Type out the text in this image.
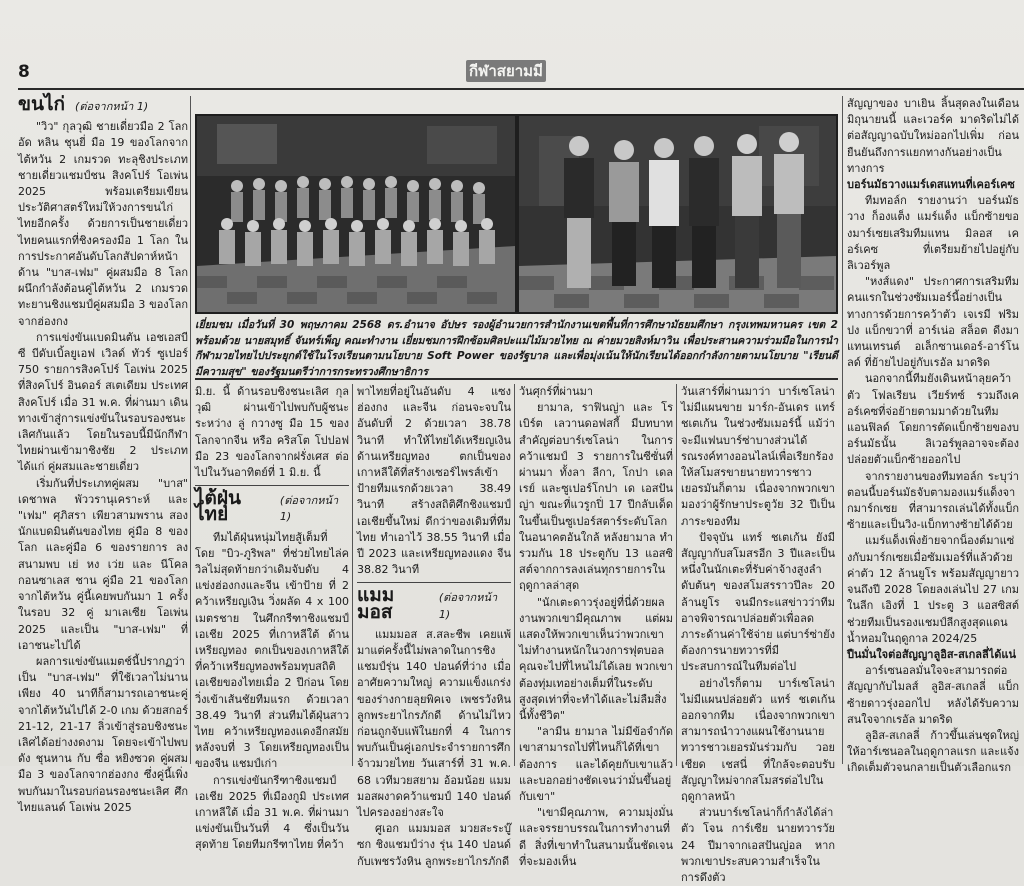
8	กีฬาสยามมี
ขนไก่ (ต่อจากหน้า 1)

"วิว" กุลวุฒิ ชายเดี่ยวมือ 2 โลก อัด หลิน ชุนยี่ มือ 19 ของโลกจากไต้หวัน 2 เกมรวด ทะลุชิงประเภทชายเดี่ยวแชมป์ชน สิงคโปร์ โอเพ่น 2025 พร้อมเตรียมเขียนประวัติศาสตร์ใหม่ให้วงการขนไก่ไทยอีกครั้ง ด้วยการเป็นชายเดี่ยวไทยคนแรกที่ชิงครองมือ 1 โลก ในการประกาศอันดับโลกสัปดาห์หน้า ด้าน "บาส-เฟม" คู่ผสมมือ 8 โลก ผนึกกำลังต้อนคู่ไต้หวัน 2 เกมรวด ทะยานชิงแชมป์คู่ผสมมือ 3 ของโลกจากฮ่องกง

การแข่งขันแบดมินตัน เอชเอสบีซี บีดับเบิ้ลยูเอฟ เวิลด์ ทัวร์ ซูเปอร์ 750 รายการสิงคโปร์ โอเพ่น 2025 ที่สิงคโปร์ อินดอร์ สเตเดียม ประเทศสิงคโปร์ เมื่อ 31 พ.ค. ที่ผ่านมา เดินทางเข้าสู่การแข่งขันในรอบรองชนะเลิศกันแล้ว โดยในรอบนี้มีนักกีฬาไทยผ่านเข้ามาชิงชัย 2 ประเภท ได้แก่ คู่ผสมและชายเดี่ยว

เริ่มกันที่ประเภทคู่ผสม "บาส" เดชาพล พัววรานุเคราะห์ และ "เฟม" ศุภิสรา เพียวสามพราน สองนักแบดมินตันของไทย คู่มือ 8 ของโลก และคู่มือ 6 ของรายการ ลงสนามพบ เย่ หง เว่ย และ นีโคล กอนซาเลส ชาน คู่มือ 21 ของโลกจากไต้หวัน คู่นี้เคยพบกันมา 1 ครั้ง ในรอบ 32 คู่ มาเลเซีย โอเพ่น 2025 และเป็น "บาส-เฟม" ที่เอาชนะไปได้

ผลการแข่งขันแมตช์นี้ปรากฏว่า เป็น "บาส-เฟม" ที่ใช้เวลาไม่นานเพียง 40 นาทีก็สามารถเอาชนะคู่จากไต้หวันไปได้ 2-0 เกม ด้วยสกอร์ 21-12, 21-17 ลิ่วเข้าสู่รอบชิงชนะเลิศได้อย่างงดงาม โดยจะเข้าไปพบ ดัง ชุนหาน กับ ซื่อ หยิงซวด คู่ผสมมือ 3 ของโลกจากฮ่องกง ซึ่งคู่นี้เพิ่งพบกันมาในรอบก่อนรองชนะเลิศ ศึกไทยแลนด์ โอเพ่น 2025

เยี่ยมชม เมื่อวันที่ 30 พฤษภาคม 2568 ดร.อำนาจ อัปษร รองผู้อำนวยการสำนักงานเขตพื้นที่การศึกษามัธยมศึกษา กรุงเทพมหานคร เขต 2 พร้อมด้วย นายสมุทธิ์ จันทร์เพ็ญ คณะทำงาน เยี่ยมชมการฝึกซ้อมศิลปะแม่ไม้มวยไทย ณ ค่ายมวยสิงห์มาวิน เพื่อประสานความร่วมมือในการนำกีฬามวยไทยไปประยุกต์ใช้ในโรงเรียนตามนโยบาย Soft Power ของรัฐบาล และเพื่อมุ่งเน้นให้นักเรียนได้ออกกำลังกายตามนโยบาย "เรียนดี มีความสุข" ของรัฐมนตรีว่าการกระทรวงศึกษาธิการ

มิ.ย. นี้ ด้านรอบชิงชนะเลิศ กุลวุฒิ ผ่านเข้าไปพบกับผู้ชนะระหว่าง ลู่ กวางซู มือ 15 ของโลกจากจีน หรือ คริสโต โปปอฟ มือ 23 ของโลกจากฝรั่งเศส ต่อไปในวันอาทิตย์ที่ 1 มิ.ย. นี้

ไต้ฝุ่นไทย
(ต่อจากหน้า 1)

ทีมไต้ฝุ่นหนุ่มไทยสู้เต็มที่ โดย "บิว-ภูริพล" ที่ช่วยไทยไล่ควิลไม่สุดท้ายกว่าเดิมจับดับ 4 แข่งฮ่องกงและจีน เข้าป้าย ที่ 2 คว้าเหรียญเงิน วิ่งผลัด 4 x 100 เมตรชาย ในศึกกรีฑาชิงแชมป์เอเชีย 2025 ที่เกาหลีใต้ ด้านเหรียญทอง ตกเป็นของเกาหลีใต้ ที่คว้าเหรียญทองพร้อมทุบสถิติเอเชียของไทยเมื่อ 2 ปีก่อน โดยวิ่งเข้าเส้นชัยทีมแรก ด้วยเวลา 38.49 วินาที ส่วนทีมไต้ฝุ่นสาวไทย คว้าเหรียญทองแดงอีกสมัย หลังจบที่ 3 โดยเหรียญทองเป็นของจีน แชมป์เก่า

การแข่งขันกรีฑาชิงแชมป์เอเชีย 2025 ที่เมืองกูมิ ประเทศเกาหลีใต้ เมื่อ 31 พ.ค. ที่ผ่านมา แข่งขันเป็นวันที่ 4 ซึ่งเป็นวันสุดท้าย โดยทีมกรีฑาไทย ที่คว้า

พาไทยที่อยู่ในอันดับ 4 แซงฮ่องกง และจีน ก่อนจะจบในอันดับที่ 2 ด้วยเวลา 38.78 วินาที ทำให้ไทยได้เหรียญเงินด้านเหรียญทอง ตกเป็นของเกาหลีใต้ที่สร้างเซอร์ไพรส์เข้าป้ายทีมแรกด้วยเวลา 38.49 วินาที สร้างสถิติศึกชิงแชมป์เอเชียขึ้นใหม่ ดีกว่าของเดิมที่ทีมไทย ทำเอาไว้ 38.55 วินาที เมื่อปี 2023 และเหรียญทองแดง จีน 38.82 วินาที

แมมมอส
(ต่อจากหน้า 1)

แมมมอส ส.สละชีพ เคยแพ้มาแต่ครั้งนี้ไม่พลาดในการชิงแชมป์รุ่น 140 ปอนด์ที่ว่าง เมื่ออาศัยความใหญ่ ความแข็งแกร่งของร่างกายลุยพิคเจ เพชรวังหิน ลูกพระยาไกรภักดี ด้านไม่ไหว ก่อนถูกจับแพ้ในยกที่ 4 ในการพบกันเป็นคู่เอกประจำรายการศึกจ้าวมวยไทย วันเสาร์ที่ 31 พ.ค. 68 เวทีมวยสยาม อ้อมน้อย แมมมอสผงาดคว้าแชมป์ 140 ปอนด์ไปครองอย่างสะใจ

ศูเอก แมมมอส มวยสะระบู๊ ซก ชิงแชมป์ว่าง รุ่น 140 ปอนด์ กับเพชรวังหิน ลูกพระยาไกรภักดี

วันศุกร์ที่ผ่านมา

ยามาล, ราฟินญ่า และ โรเบิร์ต เลวานดอฟสกี้ มีบทบาทสำคัญต่อบาร์เซโลน่า ในการคว้าแชมป์ 3 รายการในซีซั่นที่ผ่านมา ทั้งลา ลีกา, โกปา เดล เรย์ และซูเปอร์โกปา เด เอสปันญ่า ขณะที่แวรูกปิ่ 17 ปีกลับเด็ดในขึ้นเป็นซูเปอร์สตาร์ระดับโลกในอนาคตอันใกล้ หลังยามาล ทำรวมกัน 18 ประตูกับ 13 แอสซิสต์จากการลงเล่นทุกรายการในฤดูกาลล่าสุด

"นักเตะดาวรุ่งอยู่ที่นี่ด้วยผลงานพวกเขามีคุณภาพ แต่ผมแสดงให้พวกเขาเห็นว่าพวกเขาไม่ทำงานหนักในวงการฟุตบอล คุณจะไปที่ไหนไม่ได้เลย พวกเขาต้องทุ่มเทอย่างเต็มที่ในระดับสูงสุดเท่าที่จะทำได้และไม่ลืมสิ่งนี้ทั้งชีวิต"

"ลามีน ยามาล ไม่มีข้อจำกัดเขาสามารถไปที่ไหนก็ได้ที่เขาต้องการ และได้คุยกับเขาแล้วและบอกอย่างชัดเจนว่ามั่นขึ้นอยู่กับเขา"

"เขามีคุณภาพ, ความมุ่งมั่นและจรรยาบรรณในการทำงานที่ดี สิ่งที่เขาทำในสนามนั้นชัดเจนที่จะมองเห็น

วันเสาร์ที่ผ่านมาว่า บาร์เซโลน่าไม่มีแผนขาย มาร์ก-อันเดร แทร์ ชเตเก้น ในช่วงซัมเมอร์นี้ แม้ว่าจะมีแฟนบาร์ซ่าบางส่วนได้รณรงค์ทางออนไลน์เพื่อเรียกร้องให้สโมสรขายนายทวารชาวเยอรมันก็ตาม เนื่องจากพวกเขามองว่าผู้รักษาประตูวัย 32 ปีเป็นภาระของทีม

ปัจจุบัน แทร์ ชเตเก้น ยังมีสัญญากับสโมสรอีก 3 ปีและเป็นหนึ่งในนักเตะที่รับค่าจ้างสูงลำดับต้นๆ ของสโมสรราวปีละ 20 ล้านยูโร จนมีกระแสข่าวว่าทีมอาจพิจารณาปล่อยตัวเพื่อลดภาระด้านค่าใช้จ่าย แต่บาร์ซ่ายังต้องการนายทวารที่มีประสบการณ์ในทีมต่อไป

อย่างไรก็ตาม บาร์เซโลน่าไม่มีแผนปล่อยตัว แทร์ ชเตเก้น ออกจากทีม เนื่องจากพวกเขาสามารถนำวางแผนใช้งานนายทวารชาวเยอรมันร่วมกับ วอยเชียด เชสนี่ ที่ใกล้จะตอบรับสัญญาใหม่จากสโมสรต่อไปในฤดูกาลหน้า

ส่วนบาร์เซโลน่าก็กำลังได้ล่าตัว โจน การ์เซีย นายทวารวัย 24 ปีมาจากเอสปันญ่อล หากพวกเขาประสบความสำเร็จในการดึงตัว

สัญญาของ บาเยิน ลิ้นสุดลงในเดือนมิถุนายนนี้ และเวอร์ค มาดริดไม่ได้ต่อสัญญาฉบับใหม่ออกไปเพิ่ม ก่อนยืนยันถึงการแยกทางกันอย่างเป็นทางการ

บอร์นมัธวางแมร์เดสแทนที่เคอร์เคซ

ทีมทอล์ก รายงานว่า บอร์นมัธ วาง ก็องแต็ง แมร์แด็ง แบ็กซ้ายของมาร์เซยเสริมทีมแทน มิลอส เคอร์เคซ ที่เตรียมย้ายไปอยู่กับลิเวอร์พูล

"หงส์แดง" ประกาศการเสริมทีมคนแรกในช่วงซัมเมอร์นี้อย่างเป็นทางการด้วยการคว้าตัว เจเรมี ฟริมปง แบ็กขวาที่ อาร์เน่อ สล็อต ดีงมาแทนเทรนต์ อเล็กซานเดอร์-อาร์โนลด์ ที่ย้ายไปอยู่กับเรอัล มาดริด

นอกจากนี้ทีมยังเดินหน้าลุยคว้าตัว โฟลเรียน เวียร์ทซ์ รวมถึงเคอร์เคซที่จ่อย้ายตามมาด้วยในทีมแอนฟิลด์ โดยการตัดแบ็กซ้ายของบอร์นมัธนั้น ลิเวอร์พูลอาจจะต้องปล่อยตัวแบ็กซ้ายออกไป

จากรายงานของทีมทอล์ก ระบุว่า ตอนนี้บอร์นมัธจับตามองแมร์แด็งจากมาร์กเซย ที่สามารถเล่นได้ทั้งแบ็กซ้ายและเป็นวิง-แบ็กทางซ้ายได้ด้วย

แมร์แด็งเพิ่งย้ายจากน็องต์มาแซ่งกับมาร์กเซยเมื่อซัมเมอร์ที่แล้วด้วยค่าตัว 12 ล้านยูโร พร้อมสัญญายาวจนถึงปี 2028 โดยลงเล่นไป 27 เกมในลีก เอิงที่ 1 ประตู 3 แอสซิสต์ ช่วยทีมเป็นรองแชมป์ลีกสูงสุดแดนน้ำหอมในฤดูกาล 2024/25

ปืนมั่นใจต่อสัญญาลูอิส-สเกลลี่ได้แน่

อาร์เซนอลมั่นใจจะสามารถต่อสัญญากับไมลส์ ลูอิส-สเกลลี่ แบ็กซ้ายดาวรุ่งออกไป หลังได้รับความสนใจจากเรอัล มาดริด

ลูอิส-สเกลลี่ ก้าวขึ้นเล่นชุดใหญ่ให้อาร์เซนอลในฤดูกาลแรก และแจ้งเกิดเต็มตัวจนกลายเป็นตัวเลือกแรก
